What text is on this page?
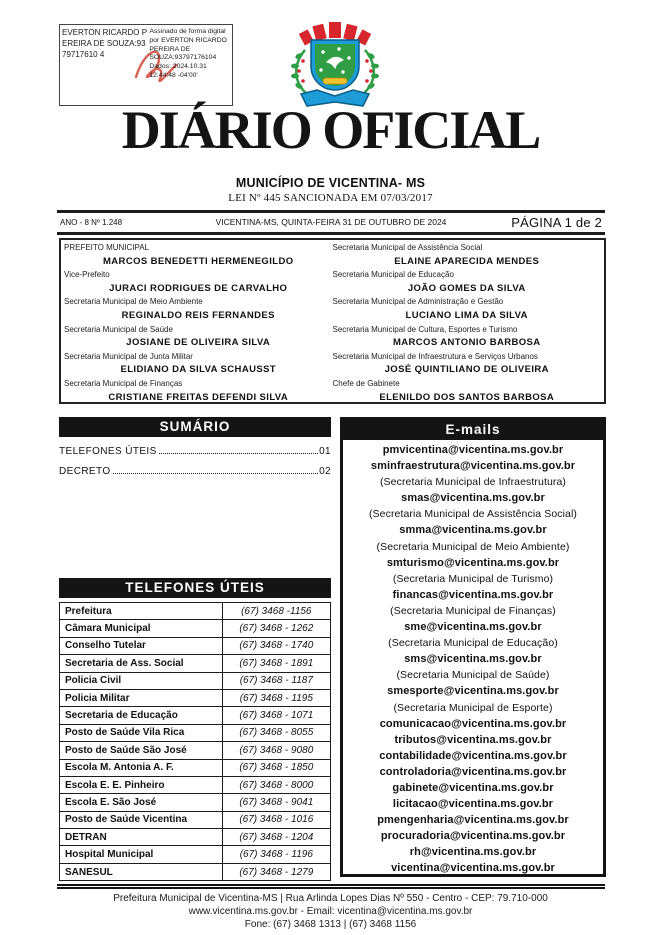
EVERTON RICARDO PEREIRA DE SOUZA:9379717610 4
Assinado de forma digital por EVERTON RICARDO PEREIRA DE SOUZA:93797176104 Dados: 2024.10.31 12:44:48 -04'00'
DIÁRIO OFICIAL
MUNICÍPIO DE VICENTINA- MS
LEI Nº 445 SANCIONADA EM 07/03/2017
ANO - 8 Nº 1.248	VICENTINA-MS, QUINTA-FEIRA 31 DE OUTUBRO DE 2024	PÁGINA 1 de 2
PREFEITO MUNICIPAL
MARCOS BENEDETTI HERMENEGILDO
Vice-Prefeito
JURACI RODRIGUES DE CARVALHO
Secretaria Municipal de Meio Ambiente
REGINALDO REIS FERNANDES
Secretaria Municipal de Saúde
JOSIANE DE OLIVEIRA SILVA
Secretaria Municipal de Junta Militar
ELIDIANO DA SILVA SCHAUSST
Secretaria Municipal de Finanças
CRISTIANE FREITAS DEFENDI SILVA
Secretaria Municipal de Assistência Social
ELAINE APARECIDA MENDES
Secretaria Municipal de Educação
JOÃO GOMES DA SILVA
Secretaria Municipal de Administração e Gestão
LUCIANO LIMA DA SILVA
Secretaria Municipal de Cultura, Esportes e Turismo
MARCOS ANTONIO BARBOSA
Secretaria Municipal de Infraestrutura e Serviços Urbanos
JOSÉ QUINTILIANO DE OLIVEIRA
Chefe de Gabinete
ELENILDO DOS SANTOS BARBOSA
SUMÁRIO
TELEFONES ÚTEIS	01
DECRETO	02
TELEFONES ÚTEIS
Prefeitura	(67) 3468 -1156
Câmara Municipal	(67) 3468 - 1262
Conselho Tutelar	(67) 3468 - 1740
Secretaria de Ass. Social	(67) 3468 - 1891
Policia Civil	(67) 3468 - 1187
Policia Militar	(67) 3468 - 1195
Secretaria de Educação	(67) 3468 - 1071
Posto de Saúde Vila Rica	(67) 3468 - 8055
Posto de Saúde São José	(67) 3468 - 9080
Escola M. Antonia A. F.	(67) 3468 - 1850
Escola E. E. Pinheiro	(67) 3468 - 8000
Escola E. São José	(67) 3468 - 9041
Posto de Saúde Vicentina	(67) 3468 - 1016
DETRAN	(67) 3468 - 1204
Hospital Municipal	(67) 3468 - 1196
SANESUL	(67) 3468 - 1279
E-mails
pmvicentina@vicentina.ms.gov.br
sminfraestrutura@vicentina.ms.gov.br
(Secretaria Municipal de Infraestrutura)
smas@vicentina.ms.gov.br
(Secretaria Municipal de Assistência Social)
smma@vicentina.ms.gov.br
(Secretaria Municipal de Meio Ambiente)
smturismo@vicentina.ms.gov.br
(Secretaria Municipal de Turismo)
financas@vicentina.ms.gov.br
(Secretaria Municipal de Finanças)
sme@vicentina.ms.gov.br
(Secretaria Municipal de Educação)
sms@vicentina.ms.gov.br
(Secretaria Municipal de Saúde)
smesporte@vicentina.ms.gov.br
(Secretaria Municipal de Esporte)
comunicacao@vicentina.ms.gov.br
tributos@vicentina.ms.gov.br
contabilidade@vicentina.ms.gov.br
controladoria@vicentina.ms.gov.br
gabinete@vicentina.ms.gov.br
licitacao@vicentina.ms.gov.br
pmengenharia@vicentina.ms.gov.br
procuradoria@vicentina.ms.gov.br
rh@vicentina.ms.gov.br
vicentina@vicentina.ms.gov.br
Prefeitura Municipal de Vicentina-MS | Rua Arlinda Lopes Dias Nº 550 - Centro - CEP: 79.710-000
www.vicentina.ms.gov.br - Email: vicentina@vicentina.ms.gov.br
Fone: (67) 3468 1313 | (67) 3468 1156
